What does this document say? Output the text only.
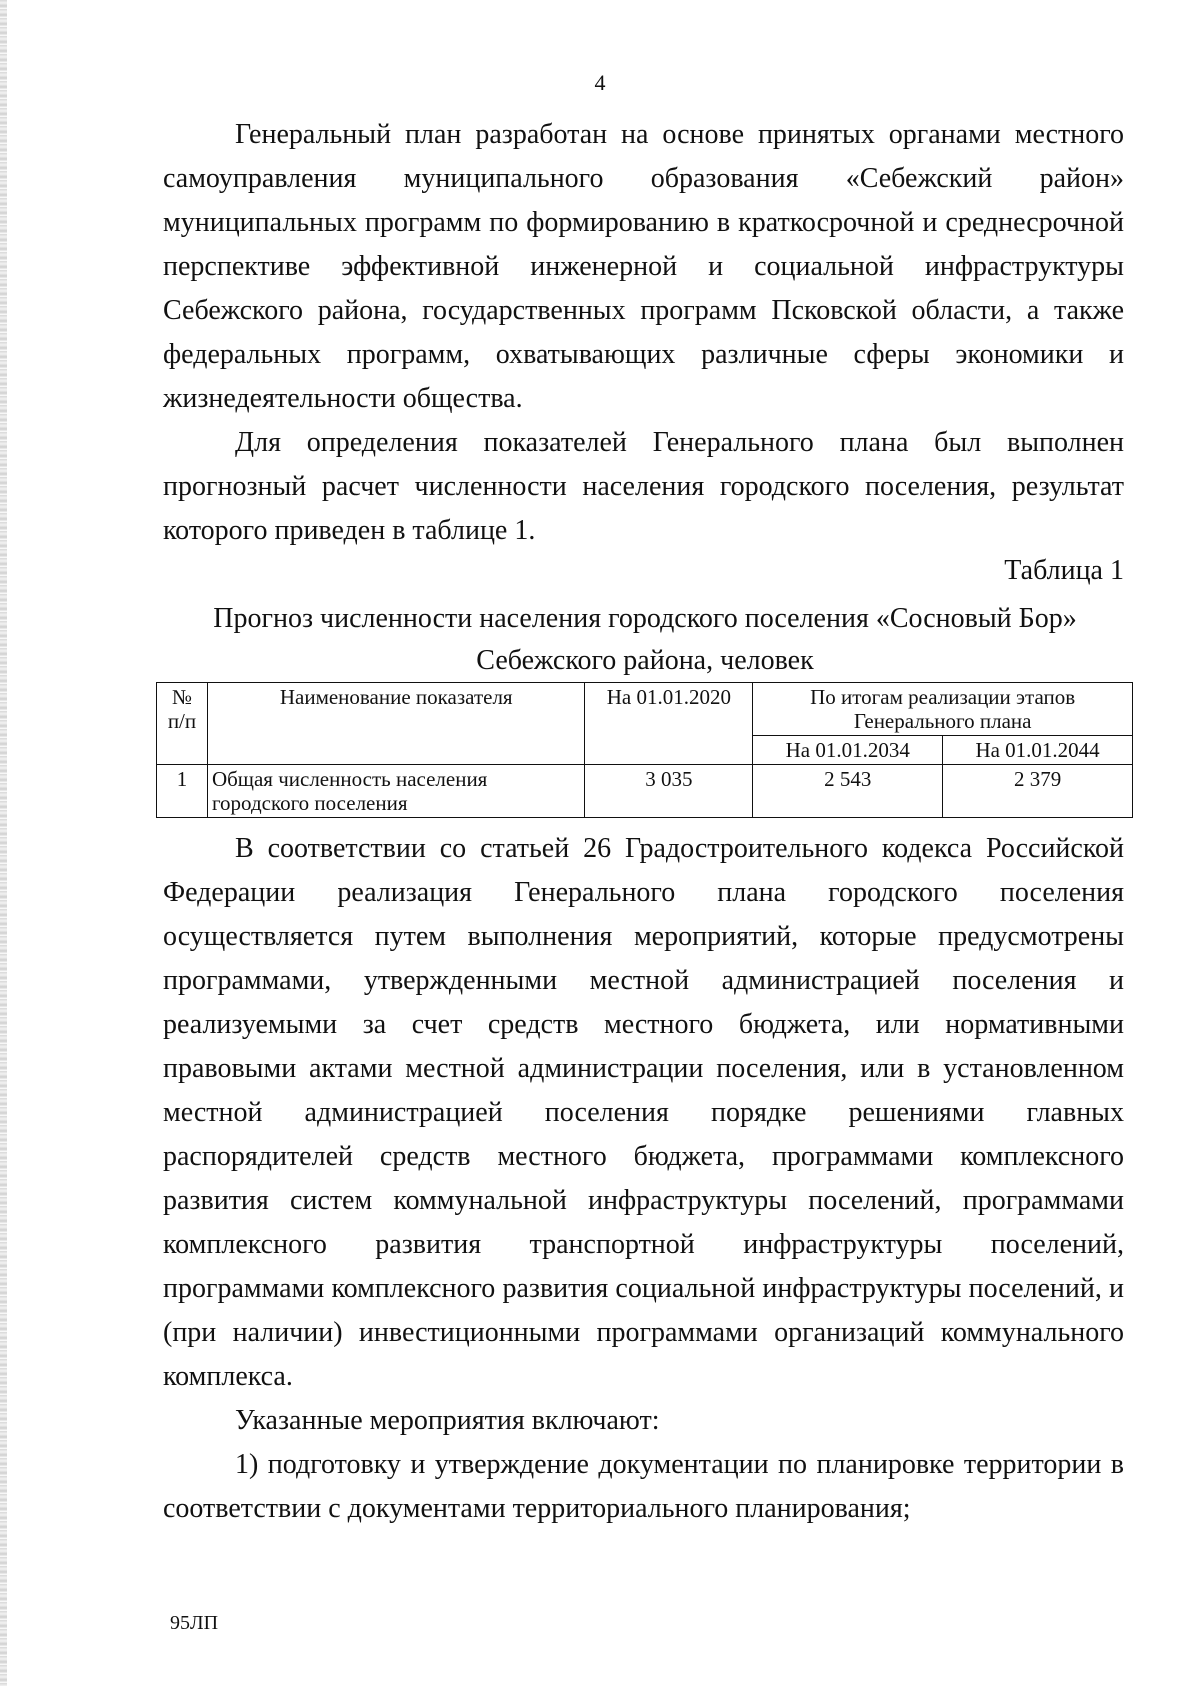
4

Генеральный план разработан на основе принятых органами местного самоуправления муниципального образования «Себежский район» муниципальных программ по формированию в краткосрочной и среднесрочной перспективе эффективной инженерной и социальной инфраструктуры Себежского района, государственных программ Псковской области, а также федеральных программ, охватывающих различные сферы экономики и жизнедеятельности общества.

Для определения показателей Генерального плана был выполнен прогнозный расчет численности населения городского поселения, результат которого приведен в таблице 1.

Таблица 1
Прогноз численности населения городского поселения «Сосновый Бор»
Себежского района, человек
№ п/п	Наименование показателя	На 01.01.2020	По итогам реализации этапов Генерального плана	
			На 01.01.2034	На 01.01.2044
1	Общая численность населения городского поселения	3 035	2 543	2 379

В соответствии со статьей 26 Градостроительного кодекса Российской Федерации реализация Генерального плана городского поселения осуществляется путем выполнения мероприятий, которые предусмотрены программами, утвержденными местной администрацией поселения и реализуемыми за счет средств местного бюджета, или нормативными правовыми актами местной администрации поселения, или в установленном местной администрацией поселения порядке решениями главных распорядителей средств местного бюджета, программами комплексного развития систем коммунальной инфраструктуры поселений, программами комплексного развития транспортной инфраструктуры поселений, программами комплексного развития социальной инфраструктуры поселений, и (при наличии) инвестиционными программами организаций коммунального комплекса.

Указанные мероприятия включают:

1) подготовку и утверждение документации по планировке территории в соответствии с документами территориального планирования;

95ЛП
